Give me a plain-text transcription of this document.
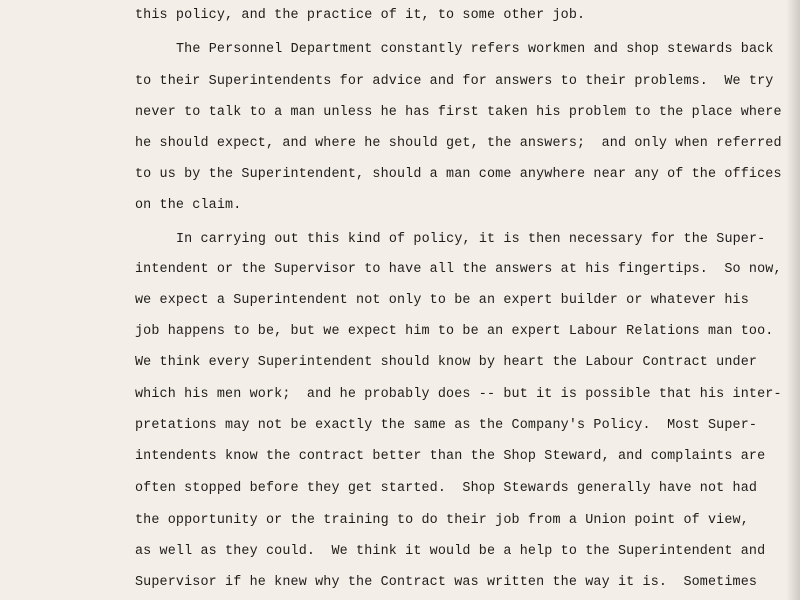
this policy, and the practice of it, to some other job.
The Personnel Department constantly refers workmen and shop stewards back
to their Superintendents for advice and for answers to their problems.  We try
never to talk to a man unless he has first taken his problem to the place where
he should expect, and where he should get, the answers;  and only when referred
to us by the Superintendent, should a man come anywhere near any of the offices
on the claim.
In carrying out this kind of policy, it is then necessary for the Super-
intendent or the Supervisor to have all the answers at his fingertips.  So now,
we expect a Superintendent not only to be an expert builder or whatever his
job happens to be, but we expect him to be an expert Labour Relations man too.
We think every Superintendent should know by heart the Labour Contract under
which his men work;  and he probably does -- but it is possible that his inter-
pretations may not be exactly the same as the Company's Policy.  Most Super-
intendents know the contract better than the Shop Steward, and complaints are
often stopped before they get started.  Shop Stewards generally have not had
the opportunity or the training to do their job from a Union point of view,
as well as they could.  We think it would be a help to the Superintendent and
Supervisor if he knew why the Contract was written the way it is.  Sometimes
